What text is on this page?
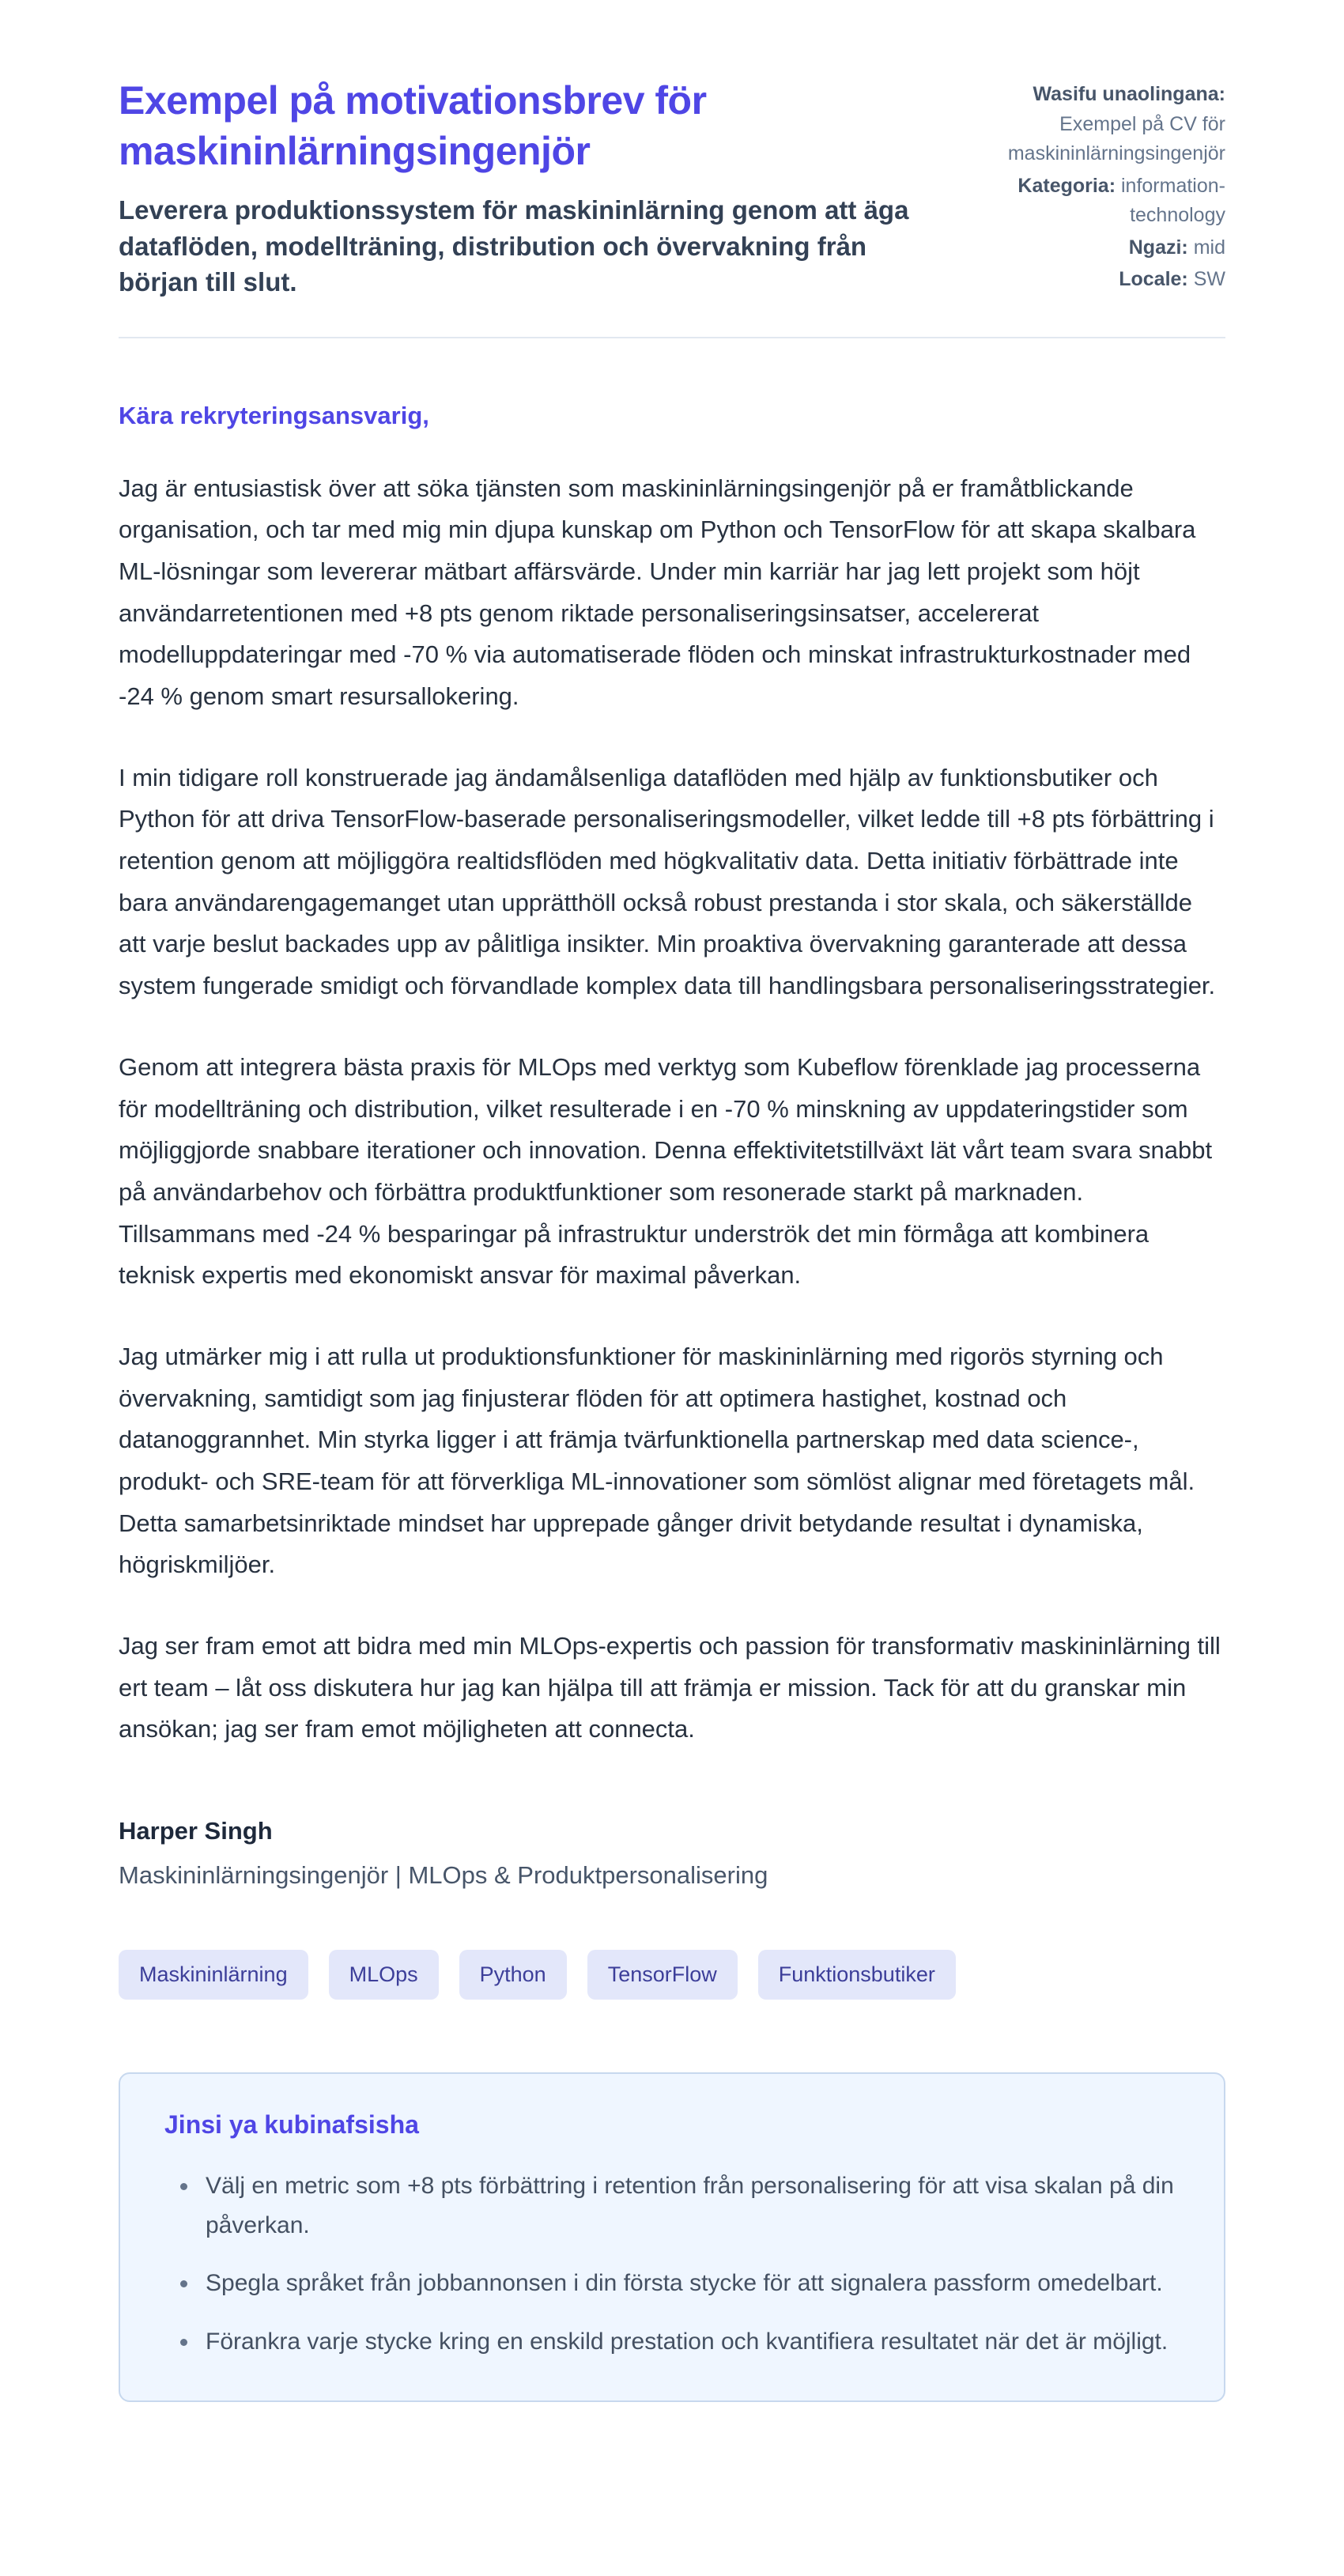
Exempel på motivationsbrev för maskininlärningsingenjör

Leverera produktionssystem för maskininlärning genom att äga dataflöden, modellträning, distribution och övervakning från början till slut.

Wasifu unaolingana:
Exempel på CV för maskininlärningsingenjör
Kategoria: information-technology
Ngazi: mid
Locale: SW

Kära rekryteringsansvarig,

Jag är entusiastisk över att söka tjänsten som maskininlärningsingenjör på er framåtblickande organisation, och tar med mig min djupa kunskap om Python och TensorFlow för att skapa skalbara ML-lösningar som levererar mätbart affärsvärde. Under min karriär har jag lett projekt som höjt användarretentionen med +8 pts genom riktade personaliseringsinsatser, accelererat modelluppdateringar med -70 % via automatiserade flöden och minskat infrastrukturkostnader med -24 % genom smart resursallokering.

I min tidigare roll konstruerade jag ändamålsenliga dataflöden med hjälp av funktionsbutiker och Python för att driva TensorFlow-baserade personaliseringsmodeller, vilket ledde till +8 pts förbättring i retention genom att möjliggöra realtidsflöden med högkvalitativ data. Detta initiativ förbättrade inte bara användarengagemanget utan upprätthöll också robust prestanda i stor skala, och säkerställde att varje beslut backades upp av pålitliga insikter. Min proaktiva övervakning garanterade att dessa system fungerade smidigt och förvandlade komplex data till handlingsbara personaliseringsstrategier.

Genom att integrera bästa praxis för MLOps med verktyg som Kubeflow förenklade jag processerna för modellträning och distribution, vilket resulterade i en -70 % minskning av uppdateringstider som möjliggjorde snabbare iterationer och innovation. Denna effektivitetstillväxt lät vårt team svara snabbt på användarbehov och förbättra produktfunktioner som resonerade starkt på marknaden. Tillsammans med -24 % besparingar på infrastruktur underströk det min förmåga att kombinera teknisk expertis med ekonomiskt ansvar för maximal påverkan.

Jag utmärker mig i att rulla ut produktionsfunktioner för maskininlärning med rigorös styrning och övervakning, samtidigt som jag finjusterar flöden för att optimera hastighet, kostnad och datanoggrannhet. Min styrka ligger i att främja tvärfunktionella partnerskap med data science-, produkt- och SRE-team för att förverkliga ML-innovationer som sömlöst alignar med företagets mål. Detta samarbetsinriktade mindset har upprepade gånger drivit betydande resultat i dynamiska, högriskmiljöer.

Jag ser fram emot att bidra med min MLOps-expertis och passion för transformativ maskininlärning till ert team – låt oss diskutera hur jag kan hjälpa till att främja er mission. Tack för att du granskar min ansökan; jag ser fram emot möjligheten att connecta.

Harper Singh

Maskininlärningsingenjör | MLOps & Produktpersonalisering

Maskininlärning	MLOps	Python	TensorFlow	Funktionsbutiker
Jinsi ya kubinafsisha
• Välj en metric som +8 pts förbättring i retention från personalisering för att visa skalan på din påverkan.
• Spegla språket från jobbannonsen i din första stycke för att signalera passform omedelbart.
• Förankra varje stycke kring en enskild prestation och kvantifiera resultatet när det är möjligt.
